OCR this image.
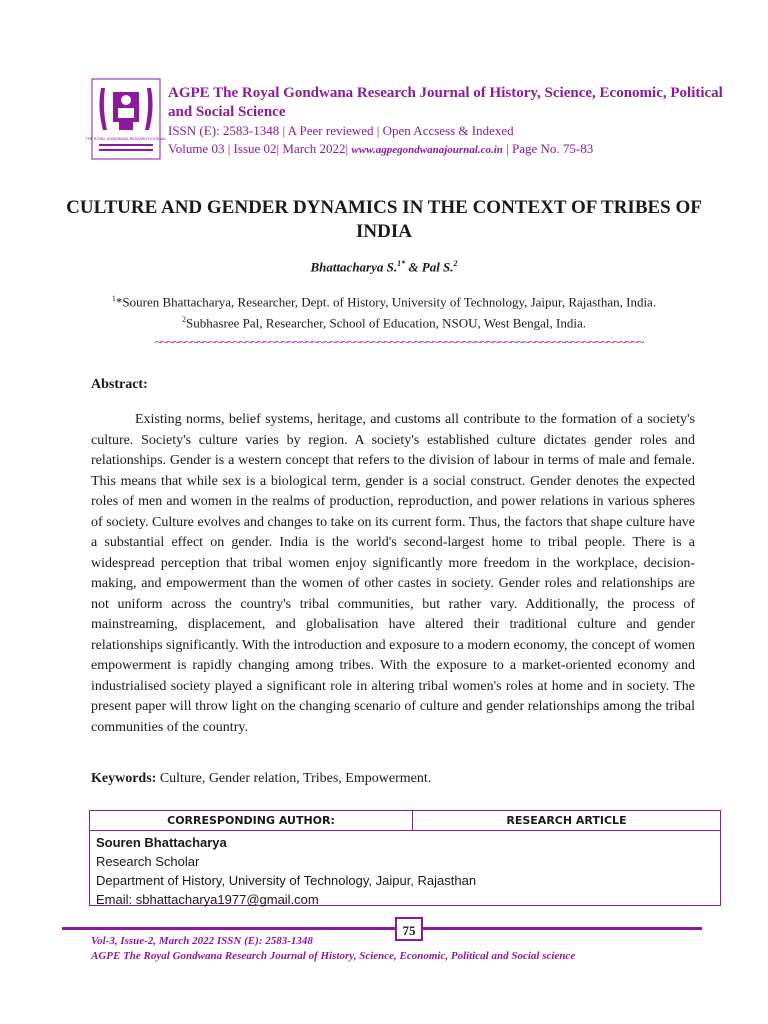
THE ROYAL GONDWANA RESEARCH JOURNAL
AGPE The Royal Gondwana Research Journal of History, Science, Economic, Political and Social Science
ISSN (E): 2583-1348 | A Peer reviewed | Open Accsess & Indexed
Volume 03 | Issue 02| March 2022| www.agpegondwanajournal.co.in | Page No. 75-83
CULTURE AND GENDER DYNAMICS IN THE CONTEXT OF TRIBES OF INDIA
Bhattacharya S.$^{1*}$ & Pal S.$^2$
$^1$*Souren Bhattacharya, Researcher, Dept. of History, University of Technology, Jaipur, Rajasthan, India.
$^2$Subhasree Pal, Researcher, School of Education, NSOU, West Bengal, India.
~~~~~~~~~~~~~~~~~~~~~~~~~~~~~~~~~~~~~~~~~~~~~~~~~~~~~~~~~~~~~~~~~~~~~~~~~~~~~~~~~
Abstract:

Existing norms, belief systems, heritage, and customs all contribute to the formation of a society's culture. Society's culture varies by region. A society's established culture dictates gender roles and relationships. Gender is a western concept that refers to the division of labour in terms of male and female. This means that while sex is a biological term, gender is a social construct. Gender denotes the expected roles of men and women in the realms of production, reproduction, and power relations in various spheres of society. Culture evolves and changes to take on its current form. Thus, the factors that shape culture have a substantial effect on gender. India is the world's second-largest home to tribal people. There is a widespread perception that tribal women enjoy significantly more freedom in the workplace, decision-making, and empowerment than the women of other castes in society. Gender roles and relationships are not uniform across the country's tribal communities, but rather vary. Additionally, the process of mainstreaming, displacement, and globalisation have altered their traditional culture and gender relationships significantly. With the introduction and exposure to a modern economy, the concept of women empowerment is rapidly changing among tribes. With the exposure to a market-oriented economy and industrialised society played a significant role in altering tribal women's roles at home and in society. The present paper will throw light on the changing scenario of culture and gender relationships among the tribal communities of the country.

Keywords: Culture, Gender relation, Tribes, Empowerment.
CORRESPONDING AUTHOR:	RESEARCH ARTICLE
Souren Bhattacharya
Research Scholar
Department of History, University of Technology, Jaipur, Rajasthan
Email: sbhattacharya1977@gmail.com
75
Vol-3, Issue-2, March 2022 ISSN (E): 2583-1348
AGPE The Royal Gondwana Research Journal of History, Science, Economic, Political and Social science
